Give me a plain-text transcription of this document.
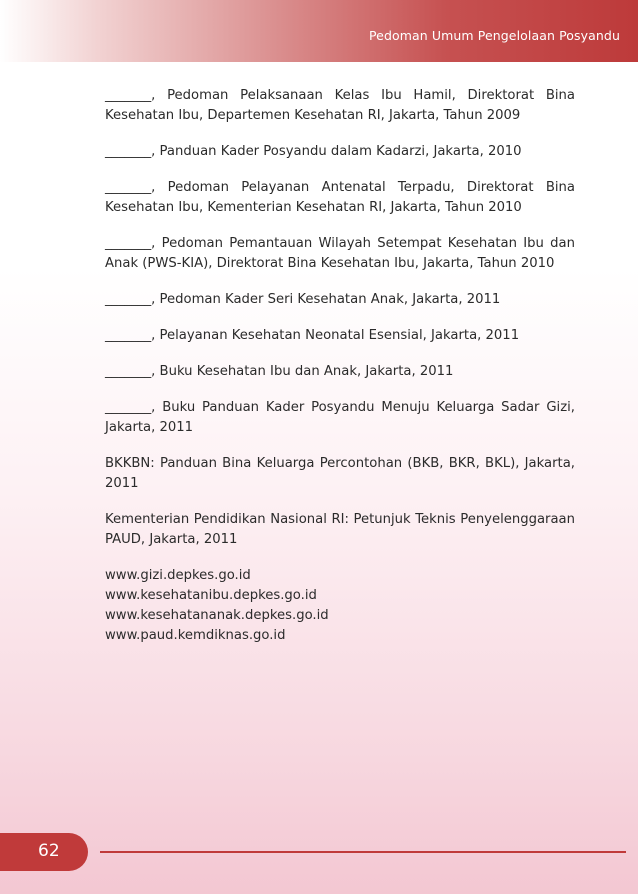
Pedoman Umum Pengelolaan Posyandu

_______, Pedoman Pelaksanaan Kelas Ibu Hamil, Direktorat Bina Kesehatan Ibu, Departemen Kesehatan RI, Jakarta, Tahun 2009

_______, Panduan Kader Posyandu dalam Kadarzi, Jakarta, 2010

_______, Pedoman Pelayanan Antenatal Terpadu, Direktorat Bina Kesehatan Ibu, Kementerian Kesehatan RI, Jakarta, Tahun 2010

_______, Pedoman Pemantauan Wilayah Setempat Kesehatan Ibu dan Anak (PWS-KIA), Direktorat Bina Kesehatan Ibu, Jakarta, Tahun 2010

_______, Pedoman Kader Seri Kesehatan Anak, Jakarta, 2011

_______, Pelayanan Kesehatan Neonatal Esensial, Jakarta, 2011

_______, Buku Kesehatan Ibu dan Anak, Jakarta, 2011

_______, Buku Panduan Kader Posyandu Menuju Keluarga Sadar Gizi, Jakarta, 2011

BKKBN: Panduan Bina Keluarga Percontohan (BKB, BKR, BKL), Jakarta, 2011

Kementerian Pendidikan Nasional RI: Petunjuk Teknis Penyelenggaraan PAUD, Jakarta, 2011

www.gizi.depkes.go.id
www.kesehatanibu.depkes.go.id
www.kesehatananak.depkes.go.id
www.paud.kemdiknas.go.id
62
